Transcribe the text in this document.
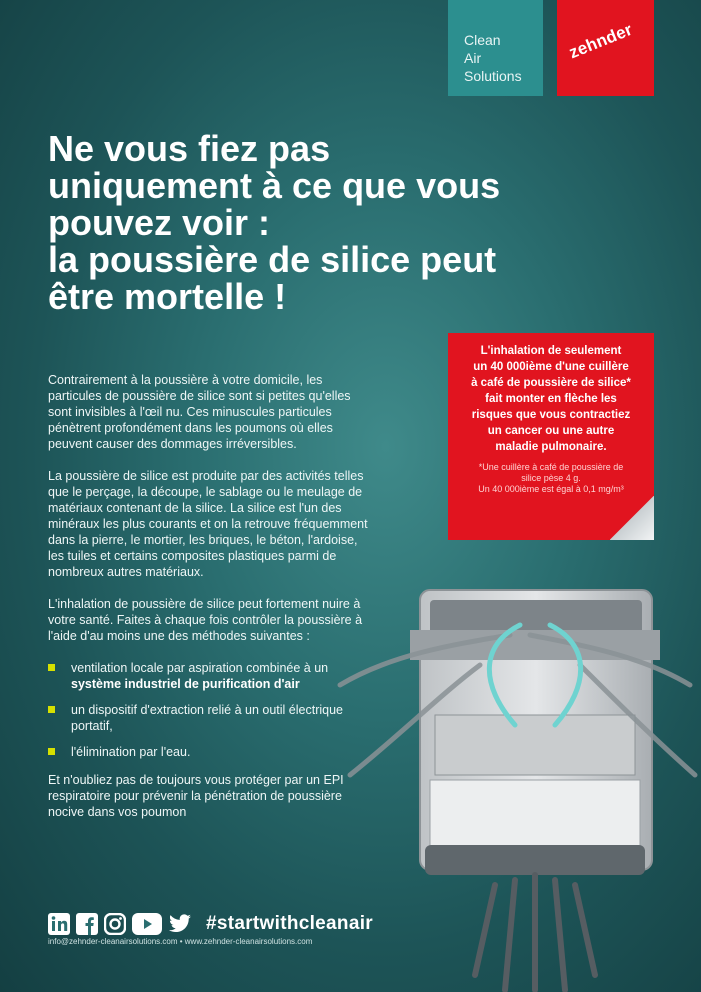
Clean
Air
Solutions
zehnder
Ne vous fiez pas
uniquement à ce que vous
pouvez voir :
la poussière de silice peut
être mortelle !

Contrairement à la poussière à votre domicile, les particules de poussière de silice sont si petites qu'elles sont invisibles à l'œil nu. Ces minuscules particules pénètrent profondément dans les poumons où elles peuvent causer des dommages irréversibles.

La poussière de silice est produite par des activités telles que le perçage, la découpe, le sablage ou le meulage de matériaux contenant de la silice. La silice est l'un des minéraux les plus courants et on la retrouve fréquemment dans la pierre, le mortier, les briques, le béton, l'ardoise, les tuiles et certains composites plastiques parmi de nombreux autres matériaux.

L'inhalation de poussière de silice peut fortement nuire à votre santé. Faites à chaque fois contrôler la poussière à l'aide d'au moins une des méthodes suivantes :

ventilation locale par aspiration combinée à un système industriel de purification d'air
un dispositif d'extraction relié à un outil électrique portatif,
l'élimination par l'eau.

Et n'oubliez pas de toujours vous protéger par un EPI respiratoire pour prévenir la pénétration de poussière nocive dans vos poumon

L'inhalation de seulement
un 40 000ième d'une cuillère
à café de poussière de silice*
fait monter en flèche les
risques que vous contractiez
un cancer ou une autre
maladie pulmonaire.
*Une cuillère à café de poussière de
silice pèse 4 g.
Un 40 000ième est égal à 0,1 mg/m³
#startwithcleanair
info@zehnder-cleanairsolutions.com • www.zehnder-cleanairsolutions.com
